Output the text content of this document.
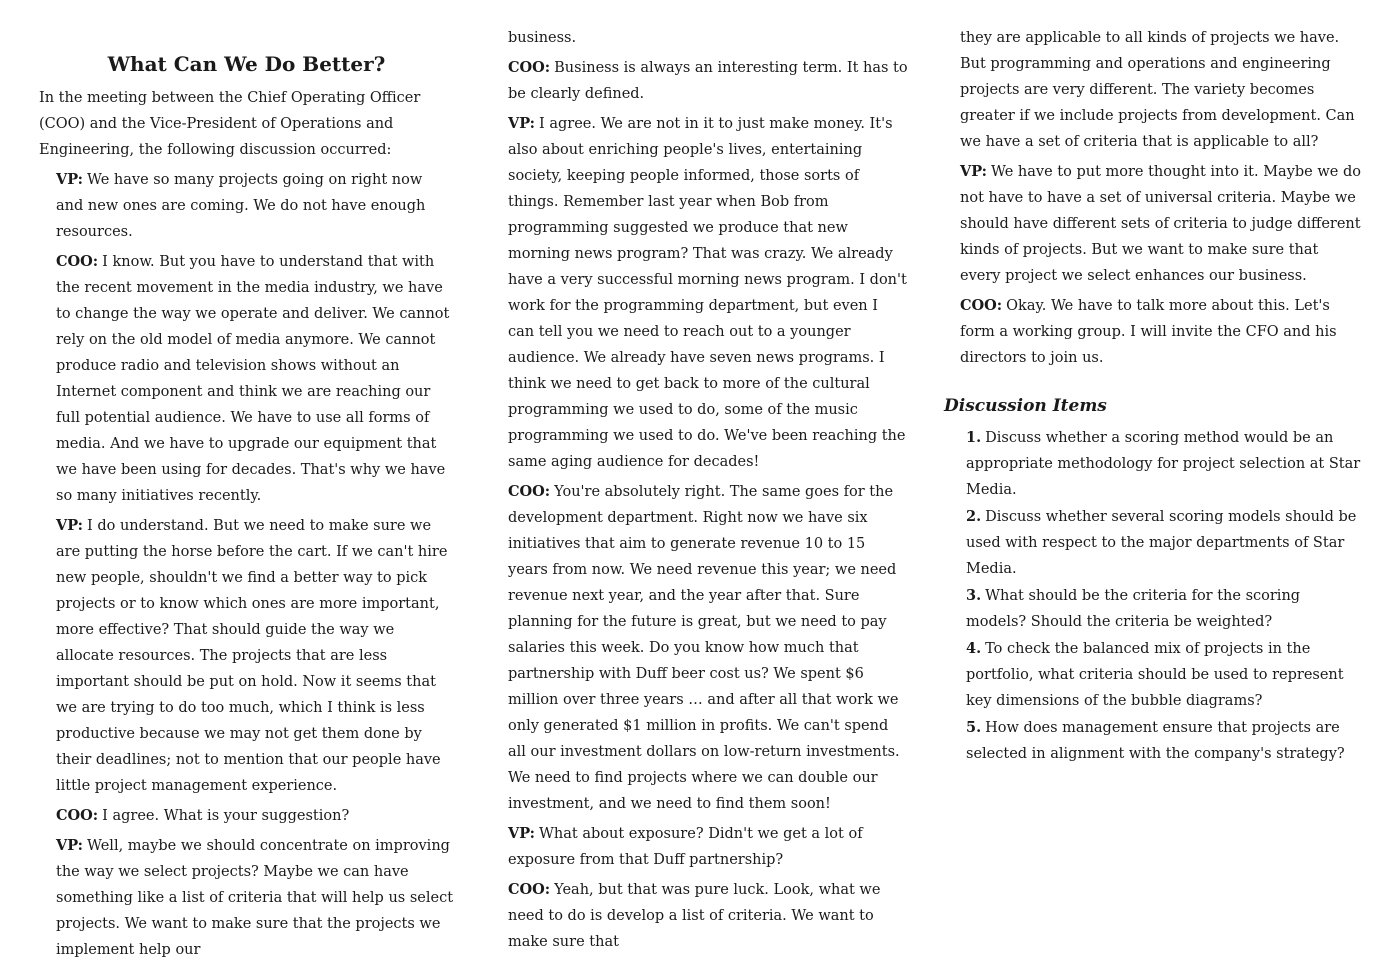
What Can We Do Better?

In the meeting between the Chief Operating Officer (COO) and the Vice-President of Operations and Engineering, the following discussion occurred:

VP: We have so many projects going on right now and new ones are coming. We do not have enough resources.

COO: I know. But you have to understand that with the recent movement in the media industry, we have to change the way we operate and deliver. We cannot rely on the old model of media anymore. We cannot produce radio and television shows without an Internet component and think we are reaching our full potential audience. We have to use all forms of media. And we have to upgrade our equipment that we have been using for decades. That's why we have so many initiatives recently.

VP: I do understand. But we need to make sure we are putting the horse before the cart. If we can't hire new people, shouldn't we find a better way to pick projects or to know which ones are more important, more effective? That should guide the way we allocate resources. The projects that are less important should be put on hold. Now it seems that we are trying to do too much, which I think is less productive because we may not get them done by their deadlines; not to mention that our people have little project management experience.

COO: I agree. What is your suggestion?

VP: Well, maybe we should concentrate on improving the way we select projects? Maybe we can have something like a list of criteria that will help us select projects. We want to make sure that the projects we implement help our

business.

COO: Business is always an interesting term. It has to be clearly defined.

VP: I agree. We are not in it to just make money. It's also about enriching people's lives, entertaining society, keeping people informed, those sorts of things. Remember last year when Bob from programming suggested we produce that new morning news program? That was crazy. We already have a very successful morning news program. I don't work for the programming department, but even I can tell you we need to reach out to a younger audience. We already have seven news programs. I think we need to get back to more of the cultural programming we used to do, some of the music programming we used to do. We've been reaching the same aging audience for decades!

COO: You're absolutely right. The same goes for the development department. Right now we have six initiatives that aim to generate revenue 10 to 15 years from now. We need revenue this year; we need revenue next year, and the year after that. Sure planning for the future is great, but we need to pay salaries this week. Do you know how much that partnership with Duff beer cost us? We spent $6 million over three years … and after all that work we only generated $1 million in profits. We can't spend all our investment dollars on low-return investments. We need to find projects where we can double our investment, and we need to find them soon!

VP: What about exposure? Didn't we get a lot of exposure from that Duff partnership?

COO: Yeah, but that was pure luck. Look, what we need to do is develop a list of criteria. We want to make sure that

they are applicable to all kinds of projects we have. But programming and operations and engineering projects are very different. The variety becomes greater if we include projects from development. Can we have a set of criteria that is applicable to all?

VP: We have to put more thought into it. Maybe we do not have to have a set of universal criteria. Maybe we should have different sets of criteria to judge different kinds of projects. But we want to make sure that every project we select enhances our business.

COO: Okay. We have to talk more about this. Let's form a working group. I will invite the CFO and his directors to join us.

Discussion Items
1. Discuss whether a scoring method would be an appropriate methodology for project selection at Star Media.
2. Discuss whether several scoring models should be used with respect to the major departments of Star Media.
3. What should be the criteria for the scoring models? Should the criteria be weighted?
4. To check the balanced mix of projects in the portfolio, what criteria should be used to represent key dimensions of the bubble diagrams?
5. How does management ensure that projects are selected in alignment with the company's strategy?
